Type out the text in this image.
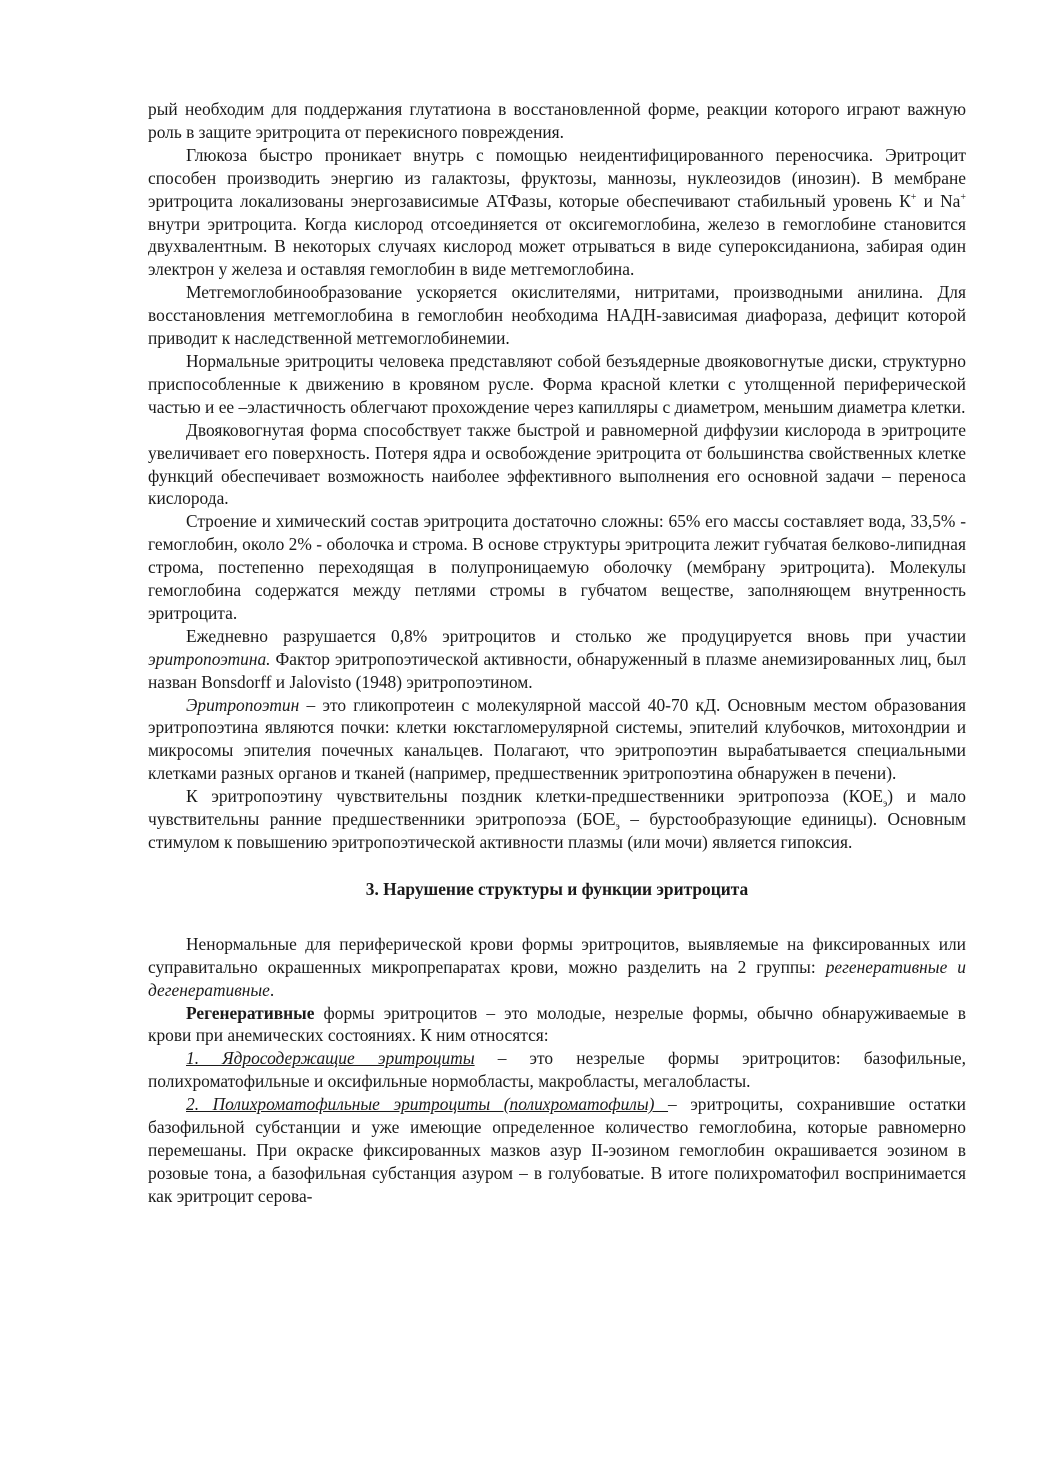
рый необходим для поддержания глутатиона в восстановленной форме, реакции которого играют важную роль в защите эритроцита от перекисного повреждения.

Глюкоза быстро проникает внутрь с помощью неидентифицированного переносчика. Эритроцит способен производить энергию из галактозы, фруктозы, маннозы, нуклеозидов (инозин). В мембране эритроцита локализованы энергозависимые АТФазы, которые обеспечивают стабильный уровень К+ и Na+ внутри эритроцита. Когда кислород отсоединяется от оксигемоглобина, железо в гемоглобине становится двухвалентным. В некоторых случаях кислород может отрываться в виде супероксиданиона, забирая один электрон у железа и оставляя гемоглобин в виде метгемоглобина.

Метгемоглобинообразование ускоряется окислителями, нитритами, производными анилина. Для восстановления метгемоглобина в гемоглобин необходима НАДН-зависимая диафораза, дефицит которой приводит к наследственной метгемоглобинемии.

Нормальные эритроциты человека представляют собой безъядерные двояковогнутые диски, структурно приспособленные к движению в кровяном русле. Форма красной клетки с утолщенной периферической частью и ее –эластичность облегчают прохождение через капилляры с диаметром, меньшим диаметра клетки.

Двояковогнутая форма способствует также быстрой и равномерной диффузии кислорода в эритроците увеличивает его поверхность. Потеря ядра и освобождение эритроцита от большинства свойственных клетке функций обеспечивает возможность наиболее эффективного выполнения его основной задачи – переноса кислорода.

Строение и химический состав эритроцита достаточно сложны: 65% его массы составляет вода, 33,5% - гемоглобин, около 2% - оболочка и строма. В основе структуры эритроцита лежит губчатая белково-липидная строма, постепенно переходящая в полупроницаемую оболочку (мембрану эритроцита). Молекулы гемоглобина содержатся между петлями стромы в губчатом веществе, заполняющем внутренность эритроцита.

Ежедневно разрушается 0,8% эритроцитов и столько же продуцируется вновь при участии эритропоэтина. Фактор эритропоэтической активности, обнаруженный в плазме анемизированных лиц, был назван Bonsdorff и Jalovisto (1948) эритропоэтином.

Эритропоэтин – это гликопротеин с молекулярной массой 40-70 кД. Основным местом образования эритропоэтина являются почки: клетки юкстагломерулярной системы, эпителий клубочков, митохондрии и микросомы эпителия почечных канальцев. Полагают, что эритропоэтин вырабатывается специальными клетками разных органов и тканей (например, предшественник эритропоэтина обнаружен в печени).

К эритропоэтину чувствительны поздник клетки-предшественники эритропоэза $(КОЕ_э)$ и мало чувствительны ранние предшественники эритропоэза ($БОЕ_э$ – бурстообразующие единицы). Основным стимулом к повышению эритропоэтической активности плазмы (или мочи) является гипоксия.

3. Нарушение структуры и функции эритроцита

Ненормальные для периферической крови формы эритроцитов, выявляемые на фиксированных или суправитально окрашенных микропрепаратах крови, можно разделить на 2 группы: регенеративные и дегенеративные.

Регенеративные формы эритроцитов – это молодые, незрелые формы, обычно обнаруживаемые в крови при анемических состояниях. К ним относятся:

1. Ядросодержащие эритроциты – это незрелые формы эритроцитов: базофильные, полихроматофильные и оксифильные нормобласты, макробласты, мегалобласты.

2. Полихроматофильные эритроциты (полихроматофилы) – эритроциты, сохранившие остатки базофильной субстанции и уже имеющие определенное количество гемоглобина, которые равномерно перемешаны. При окраске фиксированных мазков азур II-эозином гемоглобин окрашивается эозином в розовые тона, а базофильная субстанция азуром – в голубоватые. В итоге полихроматофил воспринимается как эритроцит серова-
